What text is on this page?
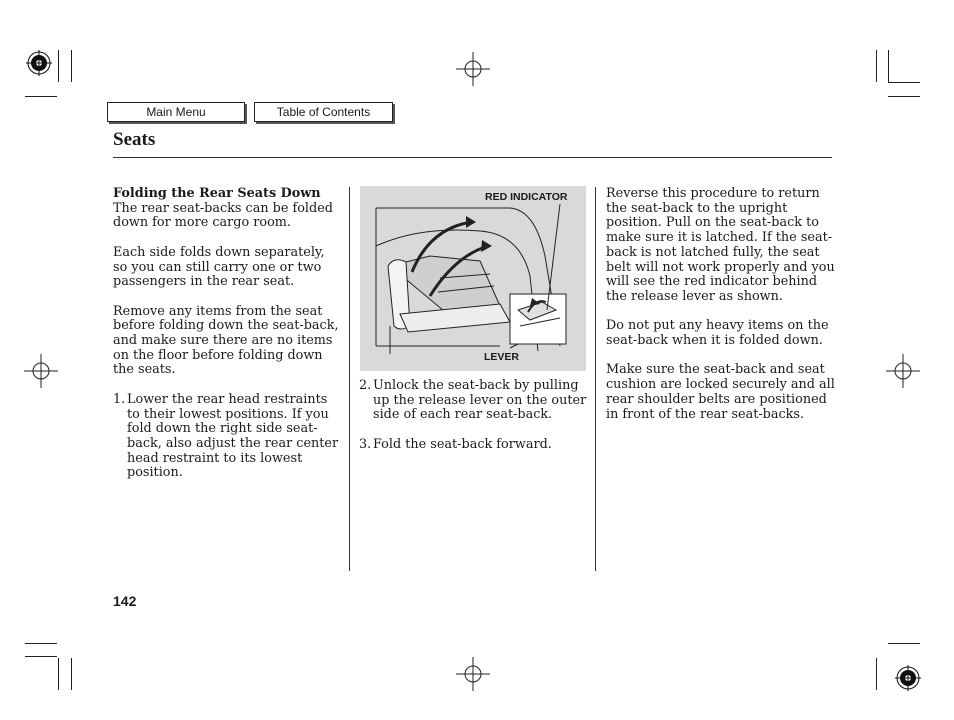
Main Menu	Table of Contents
Seats

Folding the Rear Seats Down
The rear seat-backs can be folded down for more cargo room.

Each side folds down separately, so you can still carry one or two passengers in the rear seat.

Remove any items from the seat before folding down the seat-back, and make sure there are no items on the floor before folding down the seats.

1. Lower the rear head restraints to their lowest positions. If you fold down the right side seat-back, also adjust the rear center head restraint to its lowest position.
RED INDICATOR
LEVER

2. Unlock the seat-back by pulling up the release lever on the outer side of each rear seat-back.

3. Fold the seat-back forward.

Reverse this procedure to return the seat-back to the upright position. Pull on the seat-back to make sure it is latched. If the seat-back is not latched fully, the seat belt will not work properly and you will see the red indicator behind the release lever as shown.

Do not put any heavy items on the seat-back when it is folded down.

Make sure the seat-back and seat cushion are locked securely and all rear shoulder belts are positioned in front of the rear seat-backs.

142
